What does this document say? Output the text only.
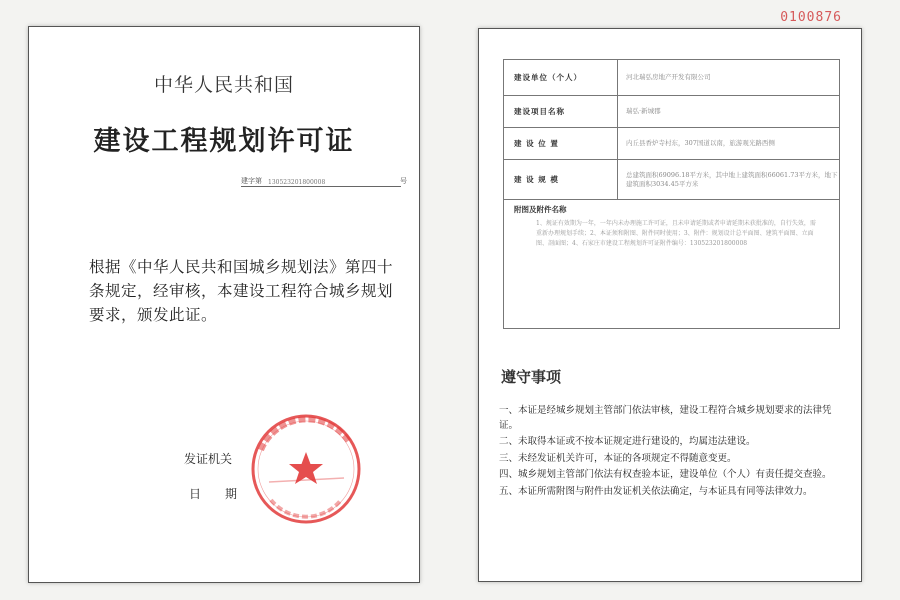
0100876
中华人民共和国
建设工程规划许可证
建字第 130523201800008	号
根据《中华人民共和国城乡规划法》第四十条规定，经审核，本建设工程符合城乡规划要求，颁发此证。
发证机关
日 期
建设单位（个人）	河北瑞弘房地产开发有限公司
建设项目名称	瑞弘·新城郡
建 设 位 置	内丘县香炉寺村东，307国道以南，旅游观光路西侧
建 设 规 模	总建筑面积69096.18平方米，其中地上建筑面积66061.73平方米，地下建筑面积3034.45平方米

附图及附件名称
1、规证有效期为一年，一年内未办理施工许可证，且未申请延期或者申请延期未获批准的，自行失效，需重新办理规划手续；2、本证须和附图、附件同时使用；3、附件：规划设计总平面图、建筑平面图、立面图、剖面图；4、石家庄市建设工程规划许可证附件编号：130523201800008	
遵守事项
一、本证是经城乡规划主管部门依法审核，建设工程符合城乡规划要求的法律凭证。
二、未取得本证或不按本证规定进行建设的，均属违法建设。
三、未经发证机关许可，本证的各项规定不得随意变更。
四、城乡规划主管部门依法有权查验本证，建设单位（个人）有责任提交查验。
五、本证所需附图与附件由发证机关依法确定，与本证具有同等法律效力。
